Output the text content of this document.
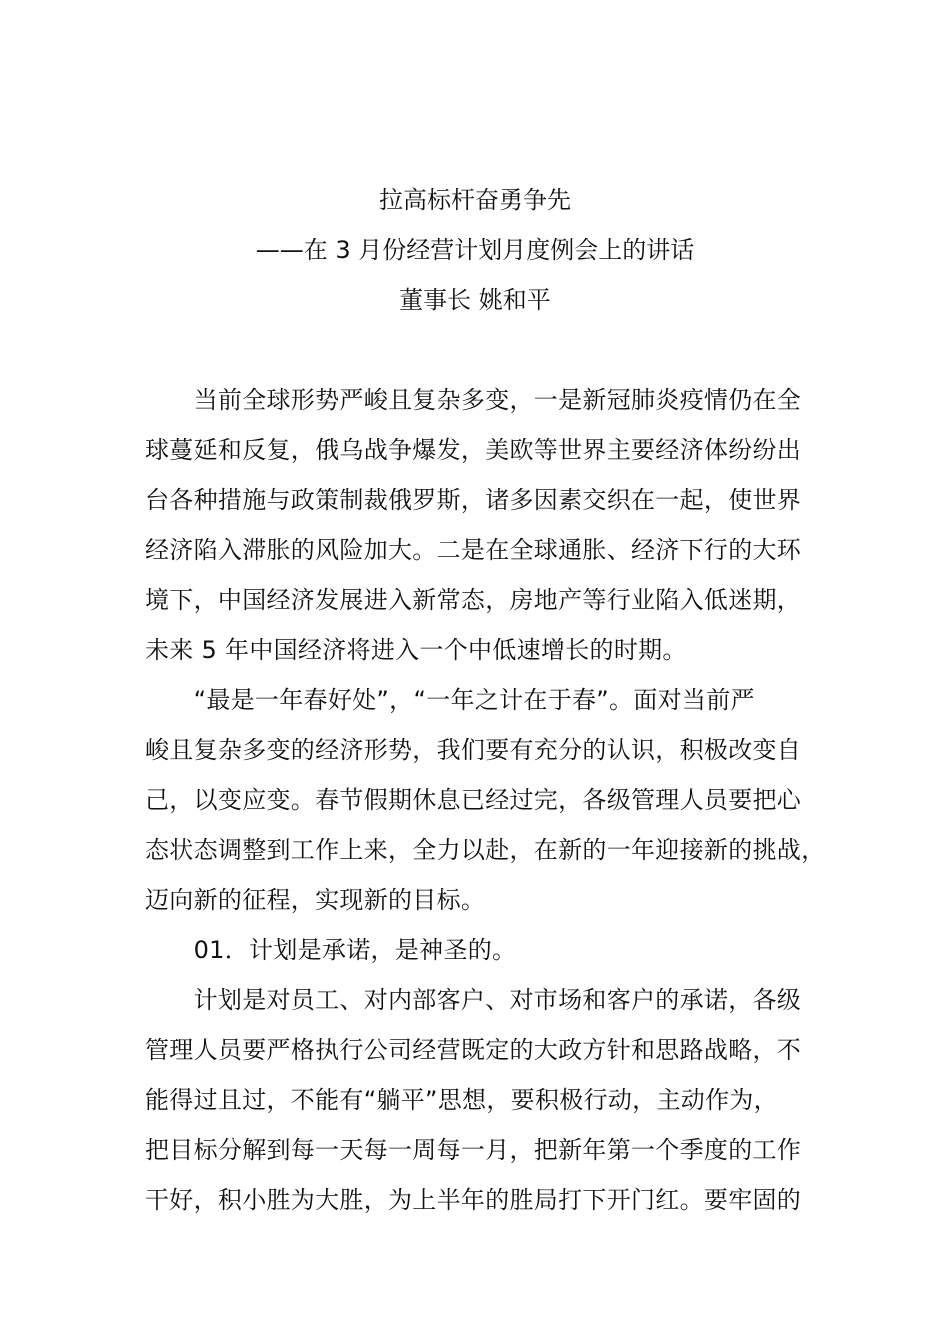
拉高标杆奋勇争先
——在 3 月份经营计划月度例会上的讲话
董事长 姚和平
　　当前全球形势严峻且复杂多变，一是新冠肺炎疫情仍在全
球蔓延和反复，俄乌战争爆发，美欧等世界主要经济体纷纷出
台各种措施与政策制裁俄罗斯，诸多因素交织在一起，使世界
经济陷入滞胀的风险加大。二是在全球通胀、经济下行的大环
境下，中国经济发展进入新常态，房地产等行业陷入低迷期，
未来 5 年中国经济将进入一个中低速增长的时期。
　　“最是一年春好处”，“一年之计在于春”。面对当前严
峻且复杂多变的经济形势，我们要有充分的认识，积极改变自
己，以变应变。春节假期休息已经过完，各级管理人员要把心
态状态调整到工作上来，全力以赴，在新的一年迎接新的挑战，
迈向新的征程，实现新的目标。
　　01．计划是承诺，是神圣的。
　　计划是对员工、对内部客户、对市场和客户的承诺，各级
管理人员要严格执行公司经营既定的大政方针和思路战略，不
能得过且过，不能有“躺平”思想，要积极行动，主动作为，
把目标分解到每一天每一周每一月，把新年第一个季度的工作
干好，积小胜为大胜，为上半年的胜局打下开门红。要牢固的
